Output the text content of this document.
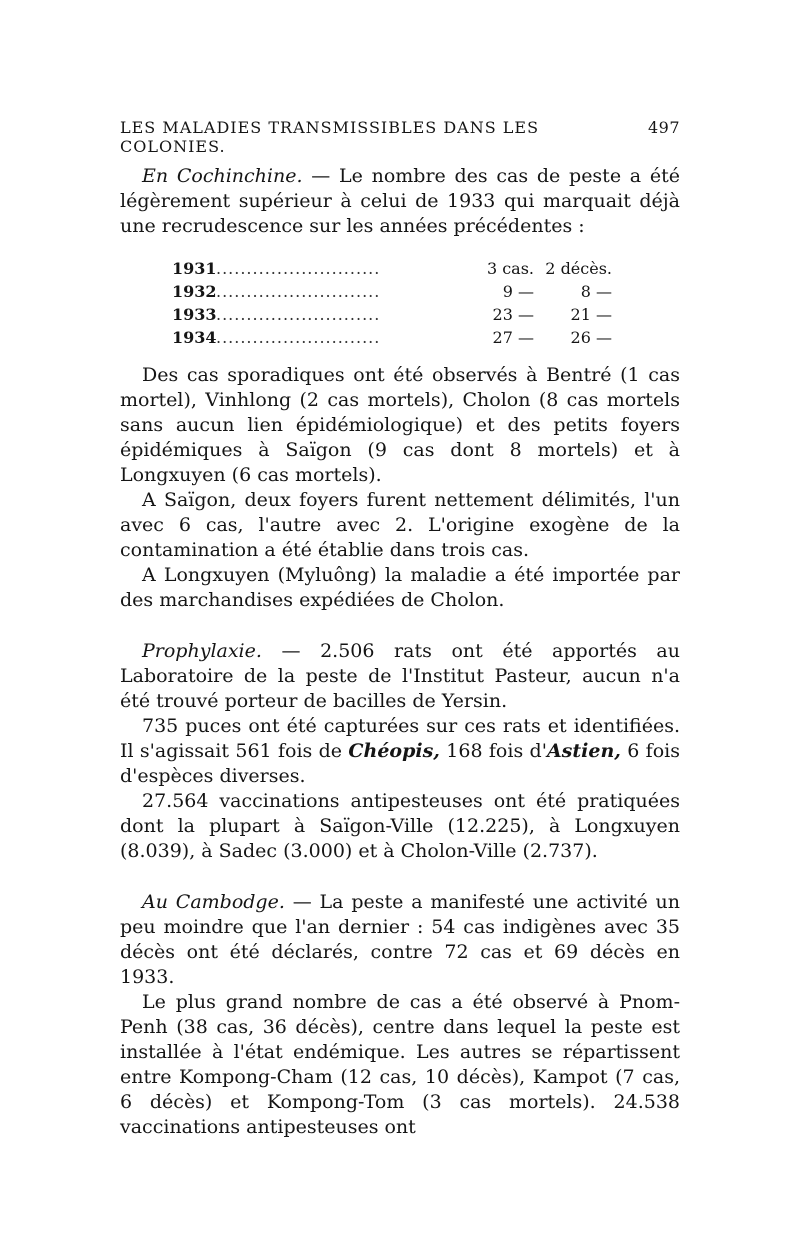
LES MALADIES TRANSMISSIBLES DANS LES COLONIES.
497

En Cochinchine. — Le nombre des cas de peste a été légèrement supérieur à celui de 1933 qui marquait déjà une recrudescence sur les années précédentes :

1931 ...........................	3 cas. 2 décès.
1932 ...........................	9 —	8 —
1933 ...........................	23 —	21 —
1934 ...........................	27 —	26 —

Des cas sporadiques ont été observés à Bentré (1 cas mortel), Vinhlong (2 cas mortels), Cholon (8 cas mortels sans aucun lien épidémiologique) et des petits foyers épidémiques à Saïgon (9 cas dont 8 mortels) et à Longxuyen (6 cas mortels).

A Saïgon, deux foyers furent nettement délimités, l'un avec 6 cas, l'autre avec 2. L'origine exogène de la contamination a été établie dans trois cas.

A Longxuyen (Myluông) la maladie a été importée par des marchandises expédiées de Cholon.

Prophylaxie. — 2.506 rats ont été apportés au Laboratoire de la peste de l'Institut Pasteur, aucun n'a été trouvé porteur de bacilles de Yersin.

735 puces ont été capturées sur ces rats et identifiées. Il s'agissait 561 fois de Chéopis, 168 fois d'Astien, 6 fois d'espèces diverses.

27.564 vaccinations antipesteuses ont été pratiquées dont la plupart à Saïgon-Ville (12.225), à Longxuyen (8.039), à Sadec (3.000) et à Cholon-Ville (2.737).

Au Cambodge. — La peste a manifesté une activité un peu moindre que l'an dernier : 54 cas indigènes avec 35 décès ont été déclarés, contre 72 cas et 69 décès en 1933.

Le plus grand nombre de cas a été observé à Pnom-Penh (38 cas, 36 décès), centre dans lequel la peste est installée à l'état endémique. Les autres se répartissent entre Kompong-Cham (12 cas, 10 décès), Kampot (7 cas, 6 décès) et Kompong-Tom (3 cas mortels). 24.538 vaccinations antipesteuses ont
